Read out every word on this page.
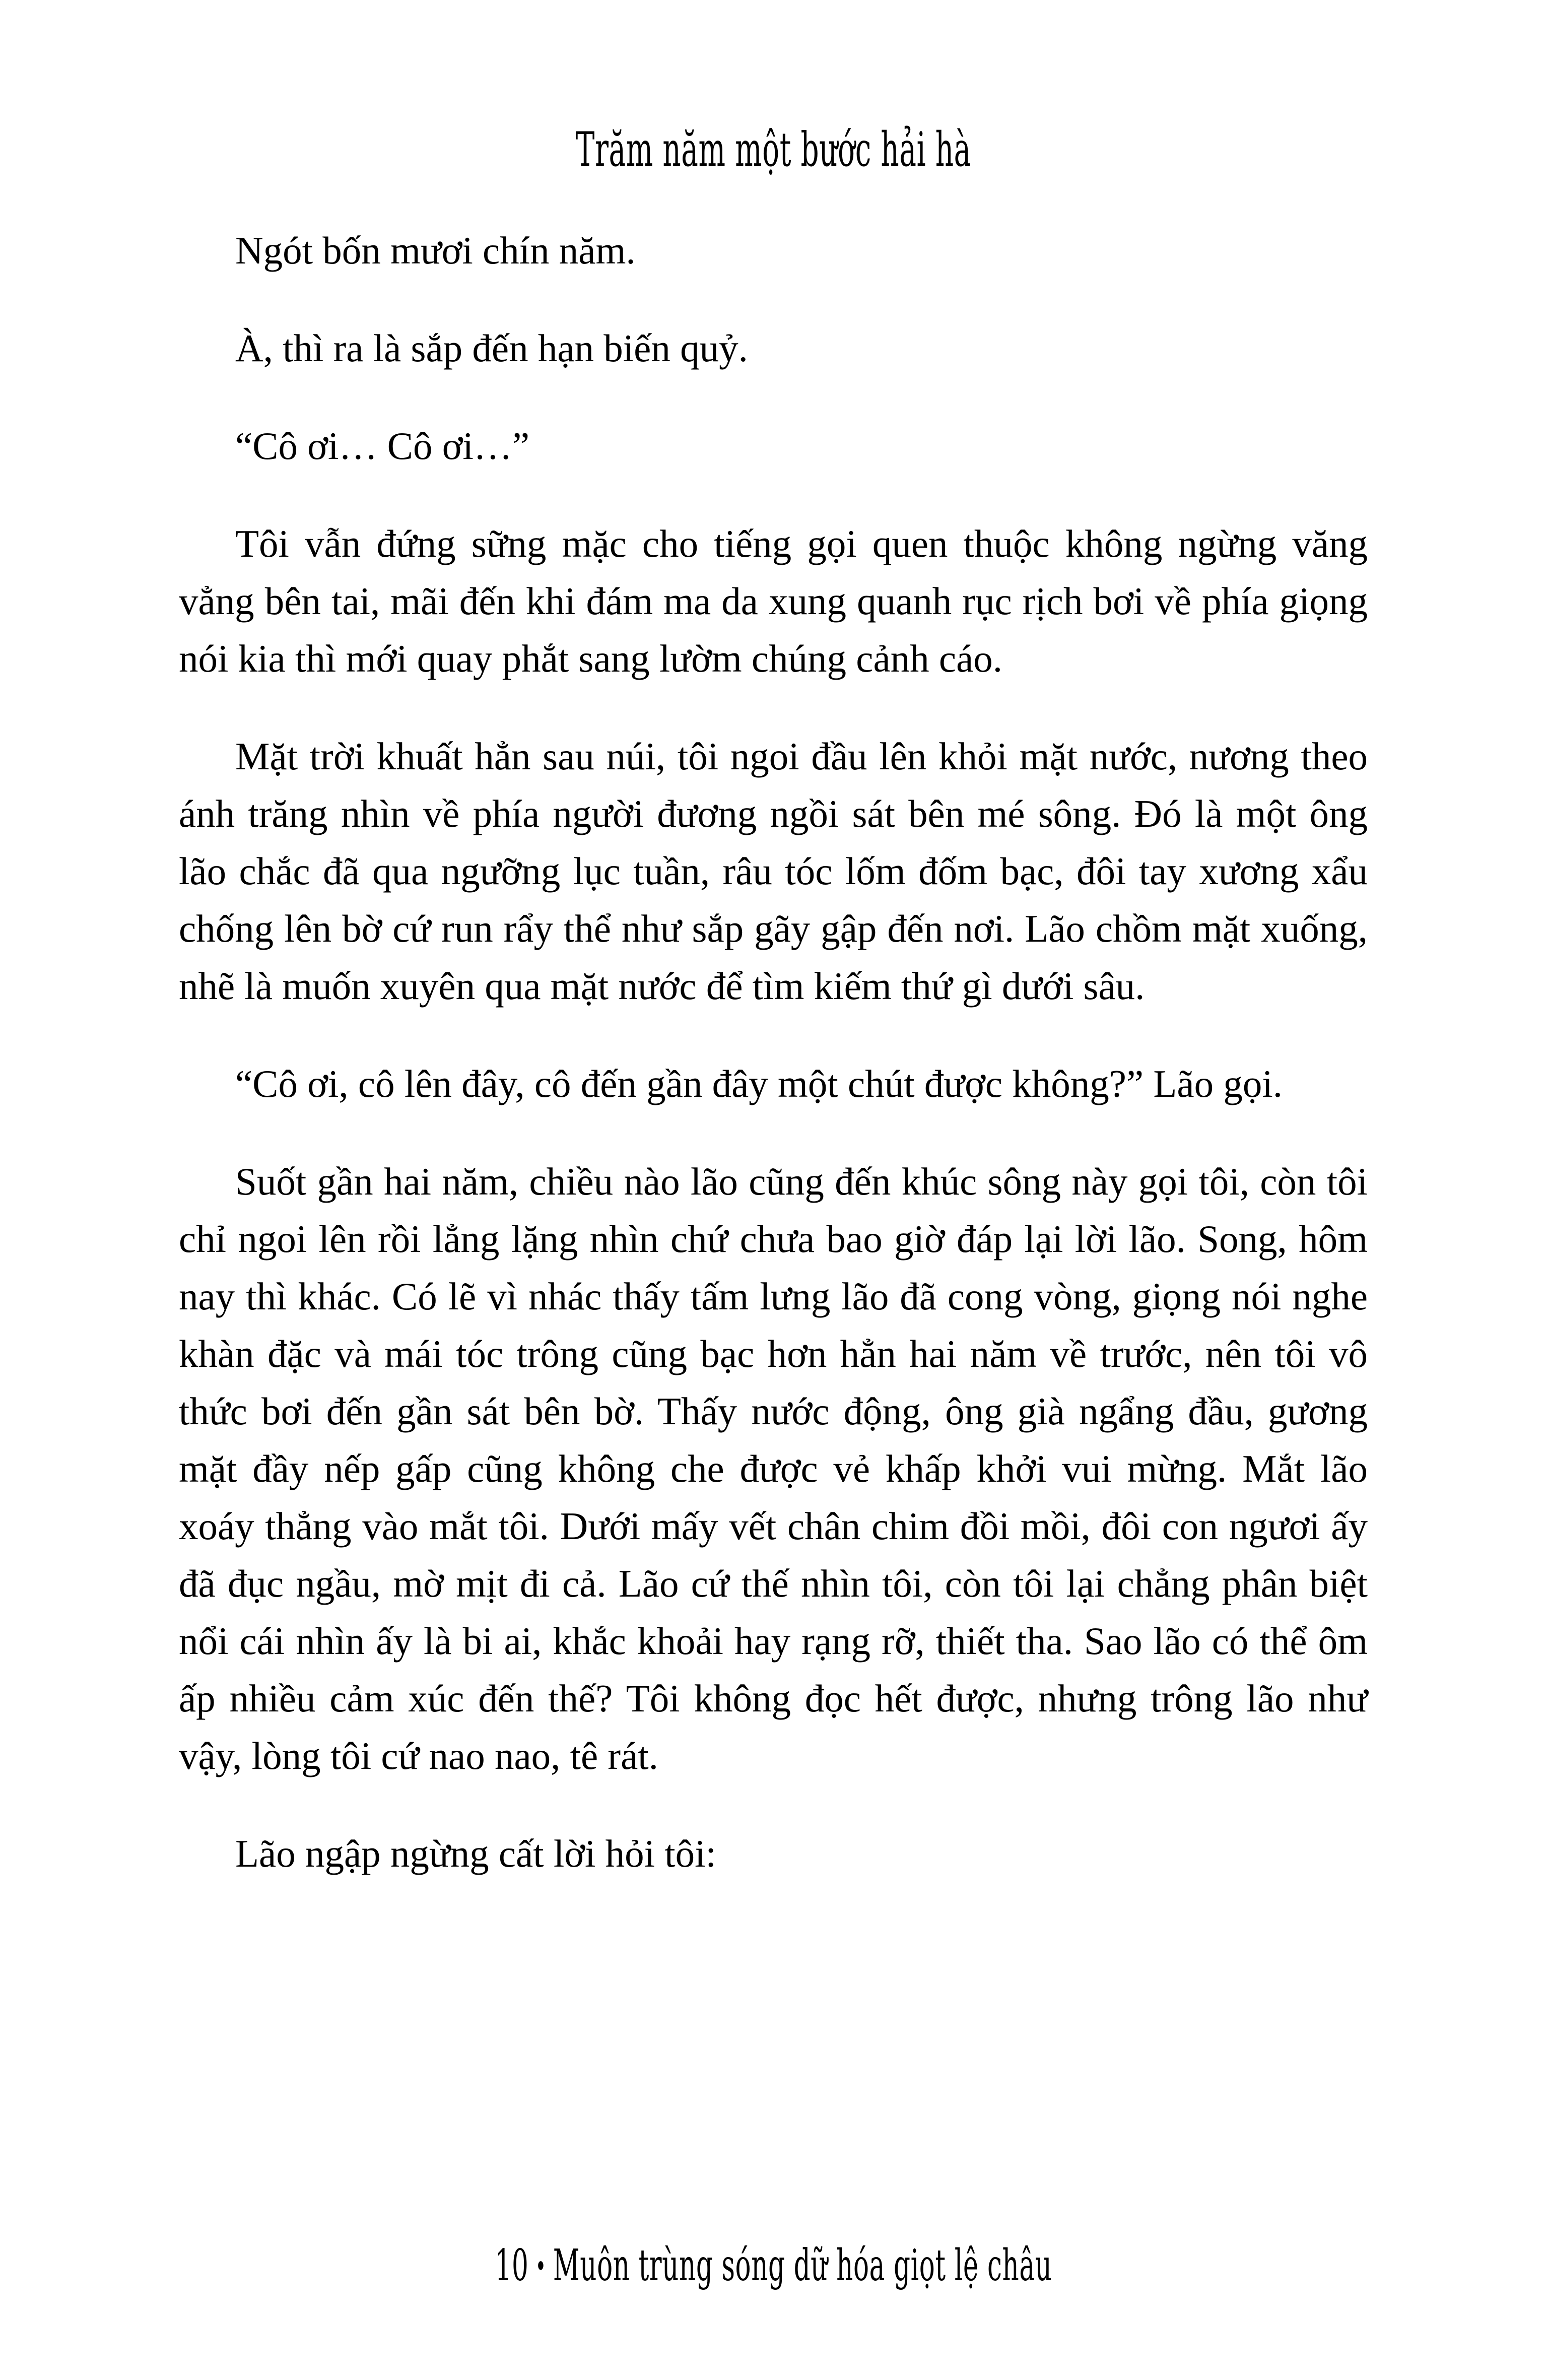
Trăm năm một bước hải hà

Ngót bốn mươi chín năm.

À, thì ra là sắp đến hạn biến quỷ.

“Cô ơi… Cô ơi…”

Tôi vẫn đứng sững mặc cho tiếng gọi quen thuộc không ngừng văng vẳng bên tai, mãi đến khi đám ma da xung quanh rục rịch bơi về phía giọng nói kia thì mới quay phắt sang lườm chúng cảnh cáo.

Mặt trời khuất hẳn sau núi, tôi ngoi đầu lên khỏi mặt nước, nương theo ánh trăng nhìn về phía người đương ngồi sát bên mé sông. Đó là một ông lão chắc đã qua ngưỡng lục tuần, râu tóc lốm đốm bạc, đôi tay xương xẩu chống lên bờ cứ run rẩy thể như sắp gãy gập đến nơi. Lão chồm mặt xuống, nhẽ là muốn xuyên qua mặt nước để tìm kiếm thứ gì dưới sâu.

“Cô ơi, cô lên đây, cô đến gần đây một chút được không?” Lão gọi.

Suốt gần hai năm, chiều nào lão cũng đến khúc sông này gọi tôi, còn tôi chỉ ngoi lên rồi lẳng lặng nhìn chứ chưa bao giờ đáp lại lời lão. Song, hôm nay thì khác. Có lẽ vì nhác thấy tấm lưng lão đã cong vòng, giọng nói nghe khàn đặc và mái tóc trông cũng bạc hơn hẳn hai năm về trước, nên tôi vô thức bơi đến gần sát bên bờ. Thấy nước động, ông già ngẩng đầu, gương mặt đầy nếp gấp cũng không che được vẻ khấp khởi vui mừng. Mắt lão xoáy thẳng vào mắt tôi. Dưới mấy vết chân chim đồi mồi, đôi con ngươi ấy đã đục ngầu, mờ mịt đi cả. Lão cứ thế nhìn tôi, còn tôi lại chẳng phân biệt nổi cái nhìn ấy là bi ai, khắc khoải hay rạng rỡ, thiết tha. Sao lão có thể ôm ấp nhiều cảm xúc đến thế? Tôi không đọc hết được, nhưng trông lão như vậy, lòng tôi cứ nao nao, tê rát.

Lão ngập ngừng cất lời hỏi tôi:

10 • Muôn trùng sóng dữ hóa giọt lệ châu
